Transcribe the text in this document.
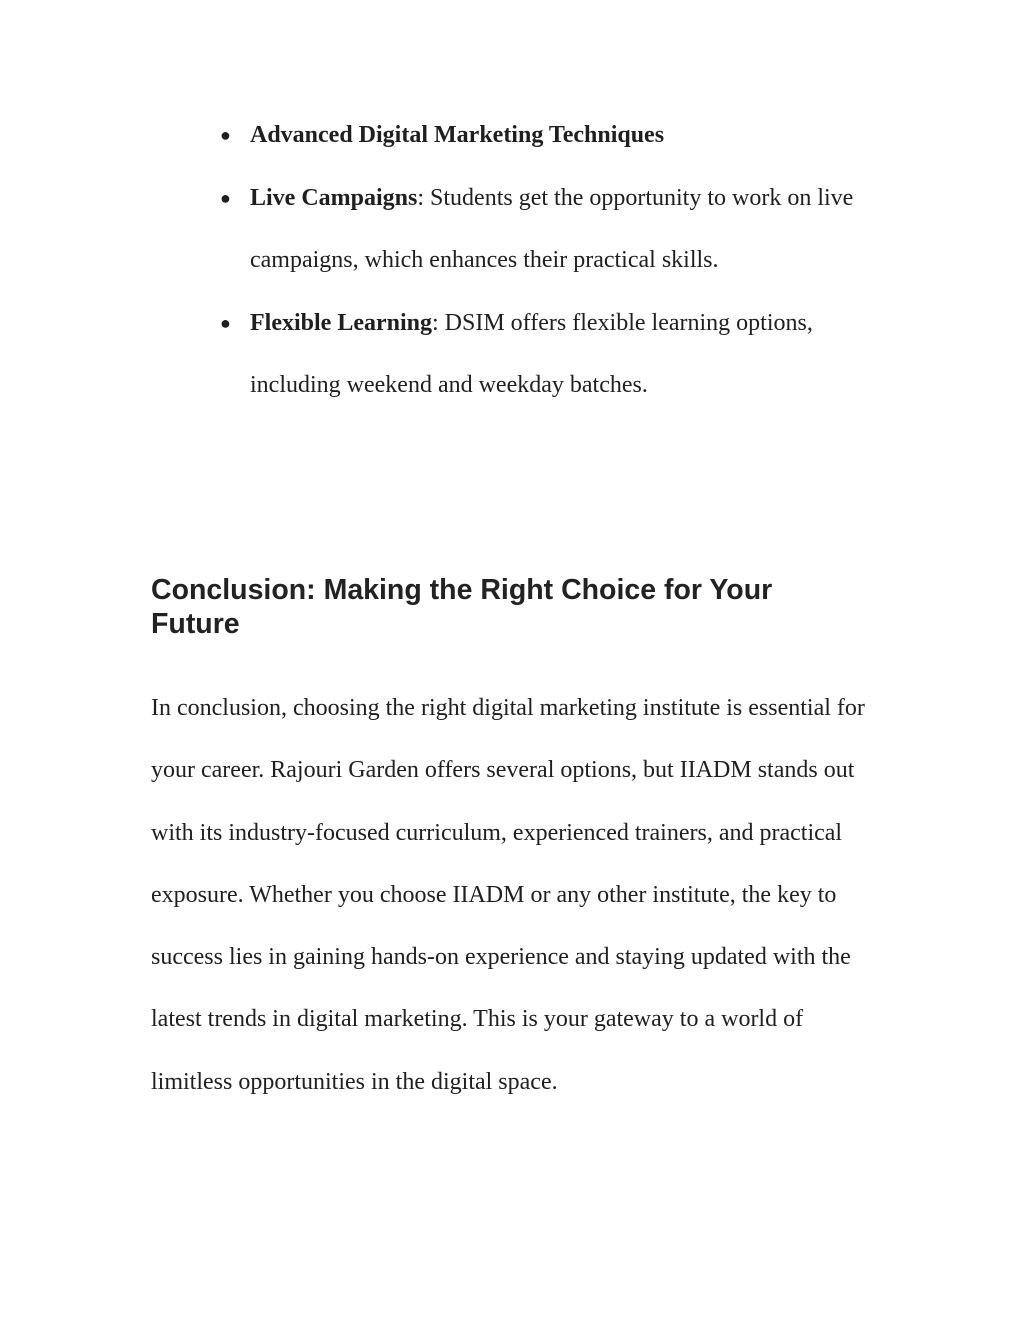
● Advanced Digital Marketing Techniques
● Live Campaigns: Students get the opportunity to work on live campaigns, which enhances their practical skills.
● Flexible Learning: DSIM offers flexible learning options, including weekend and weekday batches.
Conclusion: Making the Right Choice for Your Future

In conclusion, choosing the right digital marketing institute is essential for your career. Rajouri Garden offers several options, but IIADM stands out with its industry-focused curriculum, experienced trainers, and practical exposure. Whether you choose IIADM or any other institute, the key to success lies in gaining hands-on experience and staying updated with the latest trends in digital marketing. This is your gateway to a world of limitless opportunities in the digital space.
